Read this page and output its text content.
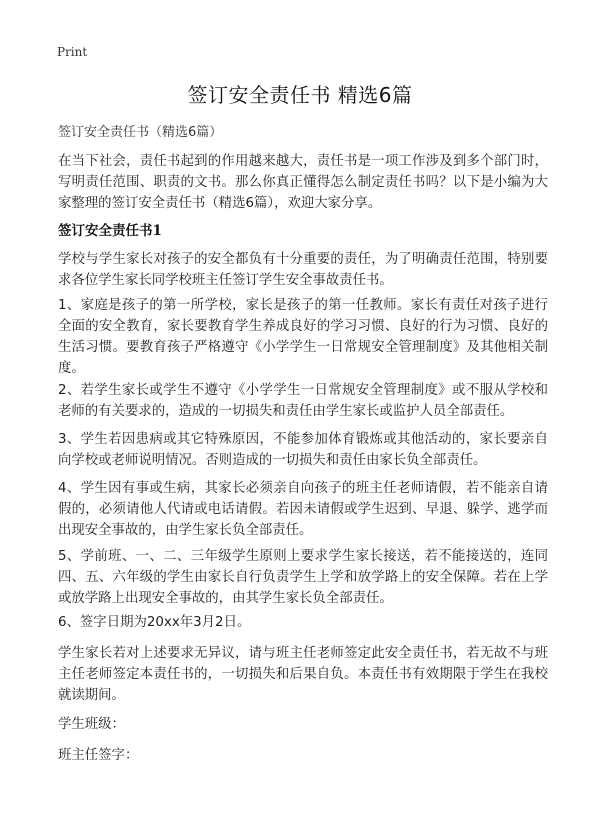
Print
签订安全责任书 精选6篇
签订安全责任书（精选6篇）

在当下社会，责任书起到的作用越来越大，责任书是一项工作涉及到多个部门时，写明责任范围、职责的文书。那么你真正懂得怎么制定责任书吗？以下是小编为大家整理的签订安全责任书（精选6篇），欢迎大家分享。

签订安全责任书1

学校与学生家长对孩子的安全都负有十分重要的责任，为了明确责任范围，特别要求各位学生家长同学校班主任签订学生安全事故责任书。

1、家庭是孩子的第一所学校，家长是孩子的第一任教师。家长有责任对孩子进行全面的安全教育，家长要教育学生养成良好的学习习惯、良好的行为习惯、良好的生活习惯。要教育孩子严格遵守《小学学生一日常规安全管理制度》及其他相关制度。

2、若学生家长或学生不遵守《小学学生一日常规安全管理制度》或不服从学校和老师的有关要求的，造成的一切损失和责任由学生家长或监护人员全部责任。

3、学生若因患病或其它特殊原因，不能参加体育锻炼或其他活动的，家长要亲自向学校或老师说明情况。否则造成的一切损失和责任由家长负全部责任。

4、学生因有事或生病，其家长必须亲自向孩子的班主任老师请假，若不能亲自请假的，必须请他人代请或电话请假。若因未请假或学生迟到、早退、躲学、逃学而出现安全事故的，由学生家长负全部责任。

5、学前班、一、二、三年级学生原则上要求学生家长接送，若不能接送的，连同四、五、六年级的学生由家长自行负责学生上学和放学路上的安全保障。若在上学或放学路上出现安全事故的，由其学生家长负全部责任。

6、签字日期为20xx年3月2日。

学生家长若对上述要求无异议，请与班主任老师签定此安全责任书，若无故不与班主任老师签定本责任书的，一切损失和后果自负。本责任书有效期限于学生在我校就读期间。

学生班级：
班主任签字：
